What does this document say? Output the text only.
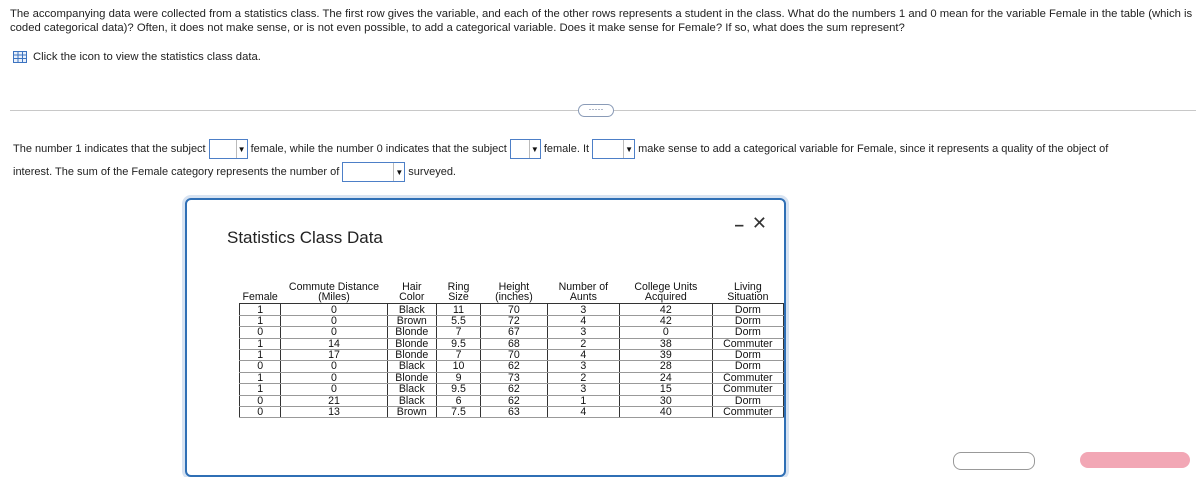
The accompanying data were collected from a statistics class. The first row gives the variable, and each of the other rows represents a student in the class. What do the numbers 1 and 0 mean for the variable Female in the table (which is coded categorical data)? Often, it does not make sense, or is not even possible, to add a categorical variable. Does it make sense for Female? If so, what does the sum represent?
Click the icon to view the statistics class data.
·····
The number 1 indicates that the subject	▼ female, while the number 0 indicates that the subject	▼ female. It	▼ make sense to add a categorical variable for Female, since it represents a quality of the object of
interest. The sum of the Female category represents the number of	▼ surveyed.
Statistics Class Data
– ✕
Female	Commute Distance (Miles)	Hair Color	Ring Size	Height (inches)	Number of Aunts	College Units Acquired	Living Situation
1	0	Black	11	70	3	42	Dorm
1	0	Brown	5.5	72	4	42	Dorm
0	0	Blonde	7	67	3	0	Dorm
1	14	Blonde	9.5	68	2	38	Commuter
1	17	Blonde	7	70	4	39	Dorm
0	0	Black	10	62	3	28	Dorm
1	0	Blonde	9	73	2	24	Commuter
1	0	Black	9.5	62	3	15	Commuter
0	21	Black	6	62	1	30	Dorm
0	13	Brown	7.5	63	4	40	Commuter
